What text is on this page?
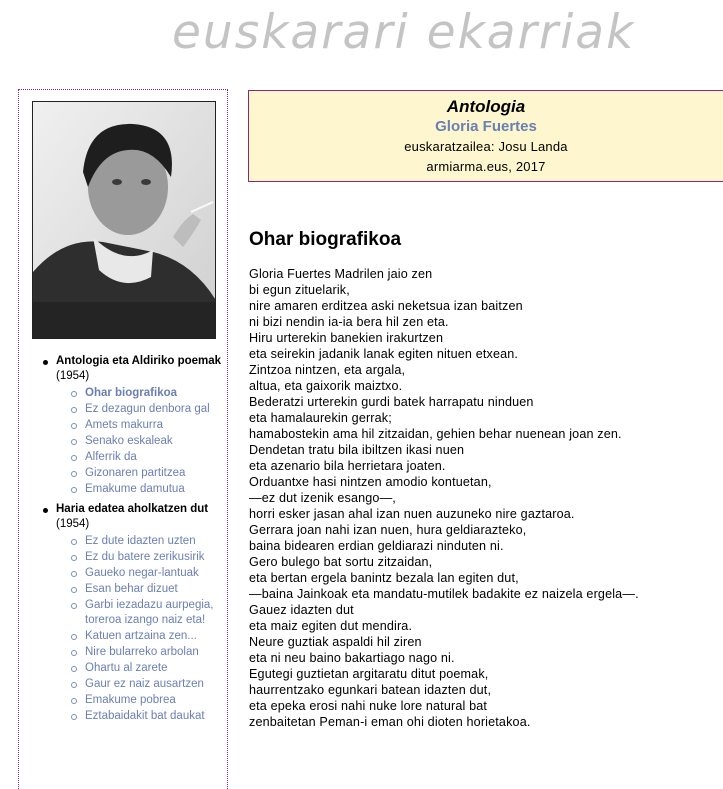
euskarari ekarriak
Antologia eta Aldiriko poemak (1954)
Ohar biografikoa
Ez dezagun denbora gal
Amets makurra
Senako eskaleak
Alferrik da
Gizonaren partitzea
Emakume damutua
Haria edatea aholkatzen dut (1954)
Ez dute idazten uzten
Ez du batere zerikusirik
Gaueko negar-lantuak
Esan behar dizuet
Garbi iezadazu aurpegia, toreroa izango naiz eta!
Katuen artzaina zen...
Nire bularreko arbolan
Ohartu al zarete
Gaur ez naiz ausartzen
Emakume pobrea
Eztabaidakit bat daukat
Antologia
Gloria Fuertes
euskaratzailea: Josu Landa
armiarma.eus, 2017
Ohar biografikoa
Gloria Fuertes Madrilen jaio zen
bi egun zituelarik,
nire amaren erditzea aski neketsua izan baitzen
ni bizi nendin ia-ia bera hil zen eta.
Hiru urterekin banekien irakurtzen
eta seirekin jadanik lanak egiten nituen etxean.
Zintzoa nintzen, eta argala,
altua, eta gaixorik maiztxo.
Bederatzi urterekin gurdi batek harrapatu ninduen
eta hamalaurekin gerrak;
hamabostekin ama hil zitzaidan, gehien behar nuenean joan zen.
Dendetan tratu bila ibiltzen ikasi nuen
eta azenario bila herrietara joaten.
Orduantxe hasi nintzen amodio kontuetan,
—ez dut izenik esango—,
horri esker jasan ahal izan nuen auzuneko nire gaztaroa.
Gerrara joan nahi izan nuen, hura geldiarazteko,
baina bidearen erdian geldiarazi ninduten ni.
Gero bulego bat sortu zitzaidan,
eta bertan ergela banintz bezala lan egiten dut,
—baina Jainkoak eta mandatu-mutilek badakite ez naizela ergela—.
Gauez idazten dut
eta maiz egiten dut mendira.
Neure guztiak aspaldi hil ziren
eta ni neu baino bakartiago nago ni.
Egutegi guztietan argitaratu ditut poemak,
haurrentzako egunkari batean idazten dut,
eta epeka erosi nahi nuke lore natural bat
zenbaitetan Peman-i eman ohi dioten horietakoa.
